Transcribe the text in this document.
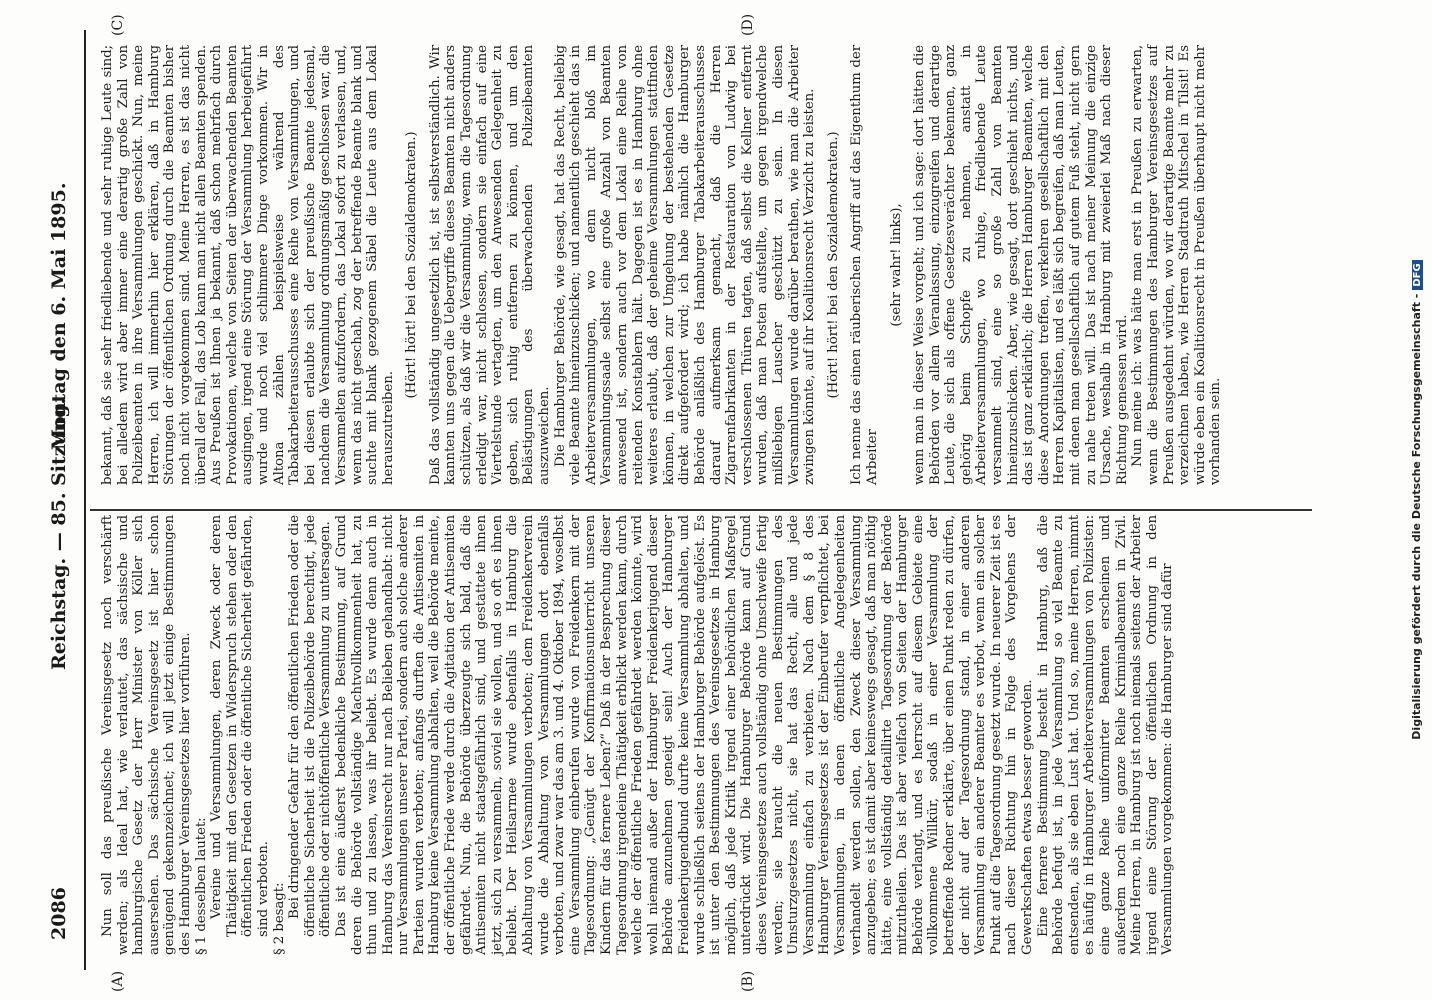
2086
Reichstag. — 85. Sitzung.
Montag den 6. Mai 1895.
(A)	(B)
(C)	(D)

Nun soll das preußische Vereinsgesetz noch verschärft werden; als Ideal hat, wie verlautet, das sächsische und hamburgische Gesetz der Herr Minister von Köller sich ausersehen. Das sächsische Vereinsgesetz ist hier schon genügend gekennzeichnet; ich will jetzt einige Bestimmungen des Hamburger Vereinsgesetzes hier vorführen. § 1 desselben lautet: Vereine und Versammlungen, deren Zweck oder deren Thätigkeit mit den Gesetzen in Widerspruch stehen oder den öffentlichen Frieden oder die öffentliche Sicherheit gefährden, sind verboten. § 2 besagt: Bei dringender Gefahr für den öffentlichen Frieden oder die öffentliche Sicherheit ist die Polizeibehörde berechtigt, jede öffentliche oder nichtöffentliche Versammlung zu untersagen. Das ist eine äußerst bedenkliche Bestimmung, auf Grund deren die Behörde vollständige Machtvollkommenheit hat, zu thun und zu lassen, was ihr beliebt. Es wurde denn auch in Hamburg das Vereinsrecht nur nach Belieben gehandhabt: nicht nur Versammlungen unserer Partei, sondern auch solche anderer Parteien wurden verboten; anfangs durften die Antisemiten in Hamburg keine Versammlung abhalten, weil die Behörde meinte, der öffentliche Friede werde durch die Agitation der Antisemiten gefährdet. Nun, die Behörde überzeugte sich bald, daß die Antisemiten nicht staatsgefährlich sind, und gestattete ihnen jetzt, sich zu versammeln, soviel sie wollen, und so oft es ihnen beliebt. Der Heilsarmee wurde ebenfalls in Hamburg die Abhaltung von Versammlungen verboten; dem Freidenkerverein wurde die Abhaltung von Versammlungen dort ebenfalls verboten, und zwar war das am 3. und 4. Oktober 1894, woselbst eine Versammlung einberufen wurde von Freidenkern mit der Tagesordnung: „Genügt der Konfirmationsunterricht unseren Kindern für das fernere Leben?“ Daß in der Besprechung dieser Tagesordnung irgendeine Thätigkeit erblickt werden kann, durch welche der öffentliche Frieden gefährdet werden könnte, wird wohl niemand außer der Hamburger Freidenkerjugend dieser Behörde anzunehmen geneigt sein! Auch der Hamburger Freidenkerjugendbund durfte keine Versammlung abhalten, und wurde schließlich seitens der Hamburger Behörde aufgelöst. Es ist unter den Bestimmungen des Vereinsgesetzes in Hamburg möglich, daß jede Kritik irgend einer behördlichen Maßregel unterdrückt wird. Die Hamburger Behörde kann auf Grund dieses Vereinsgesetzes auch vollständig ohne Umschweife fertig werden; sie braucht die neuen Bestimmungen des Umsturzgesetzes nicht, sie hat das Recht, alle und jede Versammlung einfach zu verbieten. Nach dem § 8 des Hamburger Vereinsgesetzes ist der Einberufer verpflichtet, bei Versammlungen, in denen öffentliche Angelegenheiten verhandelt werden sollen, den Zweck dieser Versammlung anzugeben; es ist damit aber keineswegs gesagt, daß man nöthig hätte, eine vollständig detaillirte Tagesordnung der Behörde mitzutheilen. Das ist aber vielfach von Seiten der Hamburger Behörde verlangt, und es herrscht auf diesem Gebiete eine vollkommene Willkür, sodaß in einer Versammlung der betreffende Redner erklärte, über einen Punkt reden zu dürfen, der nicht auf der Tagesordnung stand, in einer anderen Versammlung ein anderer Beamter es verbot, wenn ein solcher Punkt auf die Tagesordnung gesetzt wurde. In neuerer Zeit ist es nach dieser Richtung hin in Folge des Vorgehens der Gewerkschaften etwas besser geworden. Eine fernere Bestimmung besteht in Hamburg, daß die Behörde befugt ist, in jede Versammlung so viel Beamte zu entsenden, als sie eben Lust hat. Und so, meine Herren, nimmt es häufig in Hamburger Arbeiterversammlungen von Polizisten: eine ganze Reihe uniformirter Beamten erscheinen und außerdem noch eine ganze Reihe Kriminalbeamten in Zivil. Meine Herren, in Hamburg ist noch niemals seitens der Arbeiter irgend eine Störung der öffentlichen Ordnung in den Versammlungen vorgekommen: die Hamburger sind dafür

bekannt, daß sie sehr friedliebende und sehr ruhige Leute sind; bei alledem wird aber immer eine derartig große Zahl von Polizeibeamten in ihre Versammlungen geschickt. Nun, meine Herren, ich will immerhin hier erklären, daß in Hamburg Störungen der öffentlichen Ordnung durch die Beamten bisher noch nicht vorgekommen sind. Meine Herren, es ist das nicht überall der Fall, das Lob kann man nicht allen Beamten spenden. Aus Preußen ist Ihnen ja bekannt, daß schon mehrfach durch Provokationen, welche von Seiten der überwachenden Beamten ausgingen, irgend eine Störung der Versammlung herbeigeführt wurde und noch viel schlimmere Dinge vorkommen. Wir in Altona zählen beispielsweise während des Tabakarbeiterausschusses eine Reihe von Versammlungen, und bei diesen erlaubte sich der preußische Beamte jedesmal, nachdem die Versammlung ordnungsmäßig geschlossen war, die Versammelten aufzufordern, das Lokal sofort zu verlassen, und, wenn das nicht geschah, zog der betreffende Beamte blank und suchte mit blank gezogenem Säbel die Leute aus dem Lokal herauszutreiben.

(Hört! hört! bei den Sozialdemokraten.) Daß das vollständig ungesetzlich ist, ist selbstverständlich. Wir kannten uns gegen die Uebergriffe dieses Beamten nicht anders schützen, als daß wir die Versammlung, wenn die Tagesordnung erledigt war, nicht schlossen, sondern sie einfach auf eine Viertelstunde vertagten, um den Anwesenden Gelegenheit zu geben, sich ruhig entfernen zu können, und um den Belästigungen des überwachenden Polizeibeamten auszuweichen. Die Hamburger Behörde, wie gesagt, hat das Recht, beliebig viele Beamte hineinzuschicken; und namentlich geschieht das in Arbeiterversammlungen, wo denn nicht bloß im Versammlungssaale selbst eine große Anzahl von Beamten anwesend ist, sondern auch vor dem Lokal eine Reihe von reitenden Konstablern hält. Dagegen ist es in Hamburg ohne weiteres erlaubt, daß der geheime Versammlungen stattfinden können, in welchen zur Umgehung der bestehenden Gesetze direkt aufgefordert wird; ich habe nämlich die Hamburger Behörde anläßlich des Hamburger Tabakarbeiterausschusses darauf aufmerksam gemacht, daß die Herren Zigarrenfabrikanten in der Restauration von Ludwig bei verschlossenen Thüren tagten, daß selbst die Kellner entfernt wurden, daß man Posten aufstellte, um gegen irgendwelche mißliebigen Lauscher geschützt zu sein. In diesen Versammlungen wurde darüber berathen, wie man die Arbeiter zwingen könnte, auf ihr Koalitionsrecht Verzicht zu leisten. (Hört! hört! bei den Sozialdemokraten.) Ich nenne das einen räuberischen Angriff auf das Eigenthum der Arbeiter

(sehr wahr! links), wenn man in dieser Weise vorgeht; und ich sage: dort hätten die Behörden vor allem Veranlassung, einzugreifen und derartige Leute, die sich als offene Gesetzesverächter bekennen, ganz gehörig beim Schopfe zu nehmen, anstatt in Arbeiterversammlungen, wo ruhige, friedliebende Leute versammelt sind, eine so große Zahl von Beamten hineinzuschicken. Aber, wie gesagt, dort geschieht nichts, und das ist ganz erklärlich; die Herren Hamburger Beamten, welche diese Anordnungen treffen, verkehren gesellschaftlich mit den Herren Kapitalisten, und es läßt sich begreifen, daß man Leuten, mit denen man gesellschaftlich auf gutem Fuß steht, nicht gern zu nahe treten will. Das ist nach meiner Meinung die einzige Ursache, weshalb in Hamburg mit zweierlei Maß nach dieser Richtung gemessen wird. Nun meine ich: was hätte man erst in Preußen zu erwarten, wenn die Bestimmungen des Hamburger Vereinsgesetzes auf Preußen ausgedehnt würden, wo wir derartige Beamte mehr zu verzeichnen haben, wie Herren Stadtrath Mitschel in Tilsit! Es würde eben ein Koalitionsrecht in Preußen überhaupt nicht mehr vorhanden sein.	Digitalisierung gefördert durch die Deutsche Forschungsgemeinschaft -DFG
